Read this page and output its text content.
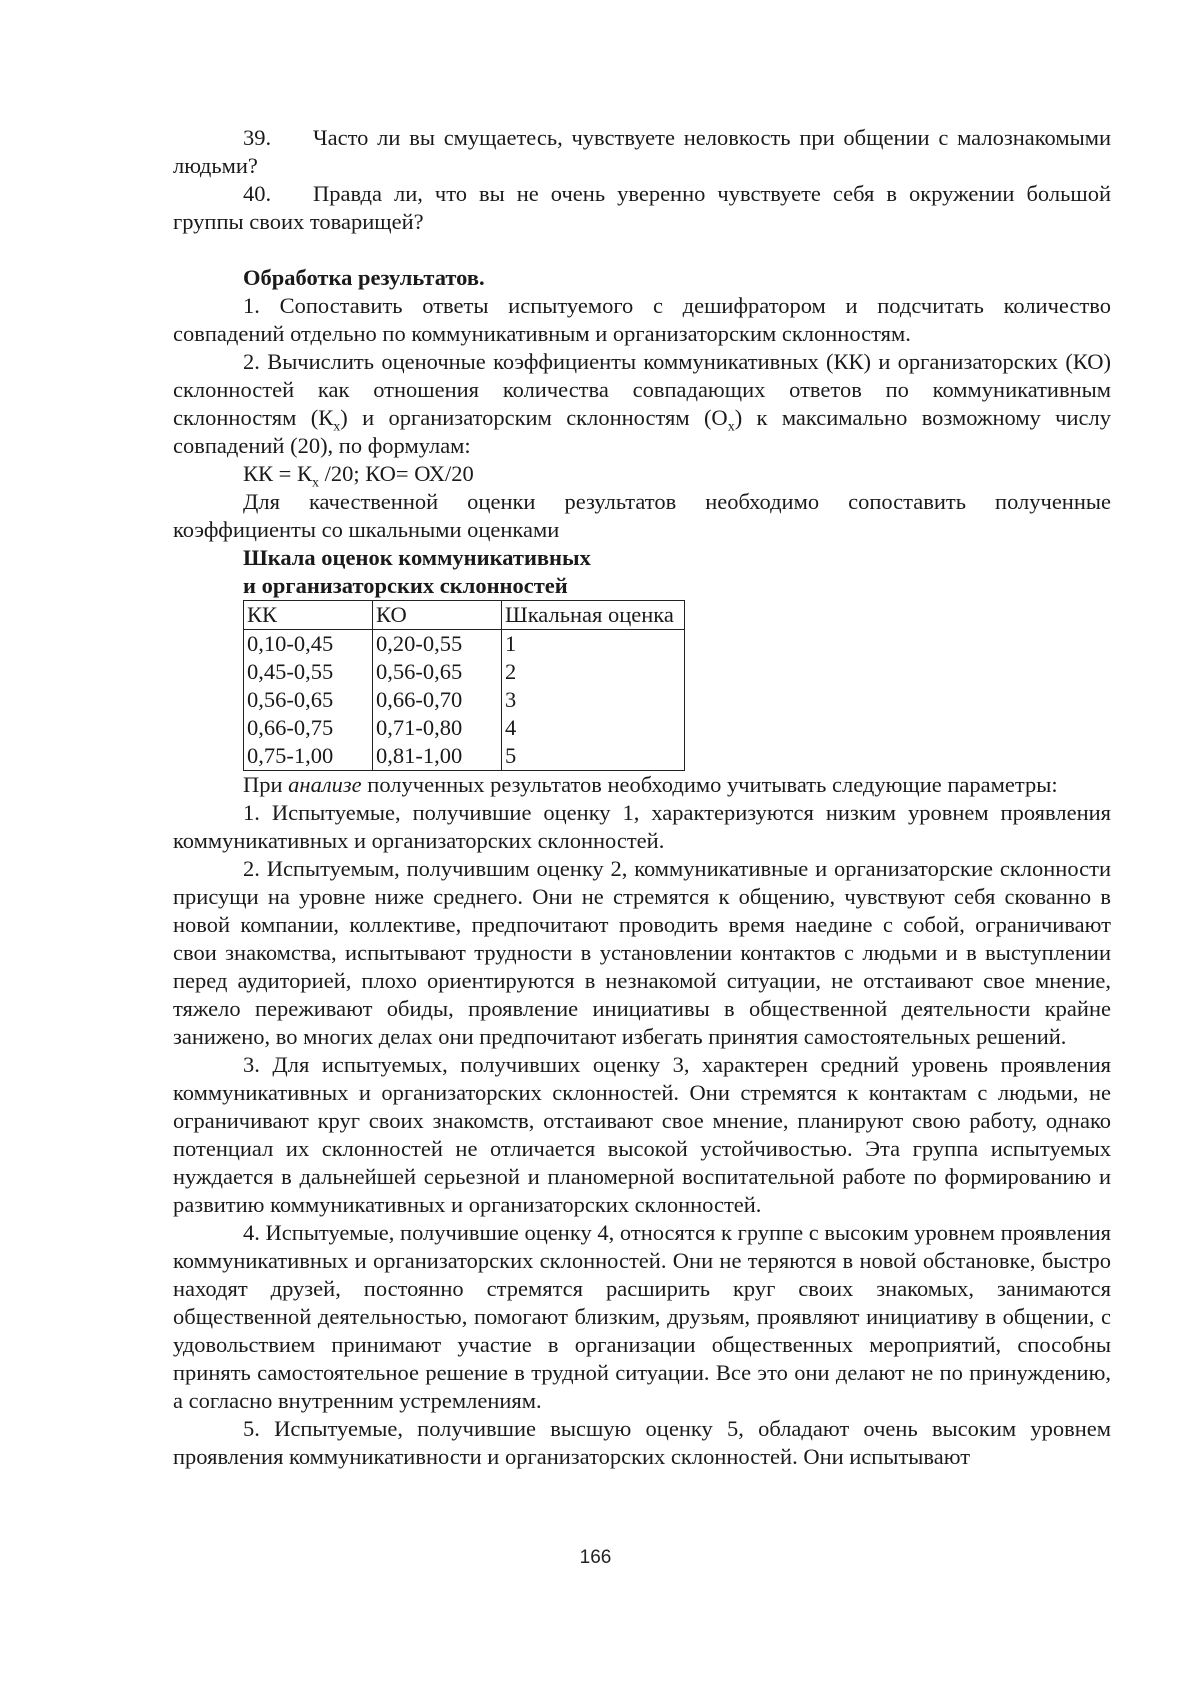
39. Часто ли вы смущаетесь, чувствуете неловкость при общении с малознакомыми людьми?

40. Правда ли, что вы не очень уверенно чувствуете себя в окружении большой группы своих товарищей?

Обработка результатов.

1. Сопоставить ответы испытуемого с дешифратором и подсчитать количество совпадений отдельно по коммуникативным и организаторским склонностям.

2. Вычислить оценочные коэффициенты коммуникативных (КК) и организаторских (КО) склонностей как отношения количества совпадающих ответов по коммуникативным склонностям $(К_х)$ и организаторским склонностям $(О_х)$ к максимально возможному числу совпадений (20), по формулам:

КК = $К_х$ /20; КО= ОХ/20

Для качественной оценки результатов необходимо сопоставить полученные коэффициенты со шкальными оценками

Шкала оценок коммуникативных
и организаторских склонностей
КК	КО	Шкальная оценка
0,10-0,45	0,20-0,55	1
0,45-0,55	0,56-0,65	2
0,56-0,65	0,66-0,70	3
0,66-0,75	0,71-0,80	4
0,75-1,00	0,81-1,00	5

При анализе полученных результатов необходимо учитывать следующие параметры:

1. Испытуемые, получившие оценку 1, характеризуются низким уровнем проявления коммуникативных и организаторских склонностей.

2. Испытуемым, получившим оценку 2, коммуникативные и организаторские склонности присущи на уровне ниже среднего. Они не стремятся к общению, чувствуют себя скованно в новой компании, коллективе, предпочитают проводить время наедине с собой, ограничивают свои знакомства, испытывают трудности в установлении контактов с людьми и в выступлении перед аудиторией, плохо ориентируются в незнакомой ситуации, не отстаивают свое мнение, тяжело переживают обиды, проявление инициативы в общественной деятельности крайне занижено, во многих делах они предпочитают избегать принятия самостоятельных решений.

3. Для испытуемых, получивших оценку 3, характерен средний уровень проявления коммуникативных и организаторских склонностей. Они стремятся к контактам с людьми, не ограничивают круг своих знакомств, отстаивают свое мнение, планируют свою работу, однако потенциал их склонностей не отличается высокой устойчивостью. Эта группа испытуемых нуждается в дальнейшей серьезной и планомерной воспитательной работе по формированию и развитию коммуникативных и организаторских склонностей.

4. Испытуемые, получившие оценку 4, относятся к группе с высоким уровнем проявления коммуникативных и организаторских склонностей. Они не теряются в новой обстановке, быстро находят друзей, постоянно стремятся расширить круг своих знакомых, занимаются общественной деятельностью, помогают близким, друзьям, проявляют инициативу в общении, с удовольствием принимают участие в организации общественных мероприятий, способны принять самостоятельное решение в трудной ситуации. Все это они делают не по принуждению, а согласно внутренним устремлениям.

5. Испытуемые, получившие высшую оценку 5, обладают очень высоким уровнем проявления коммуникативности и организаторских склонностей. Они испытывают

166
